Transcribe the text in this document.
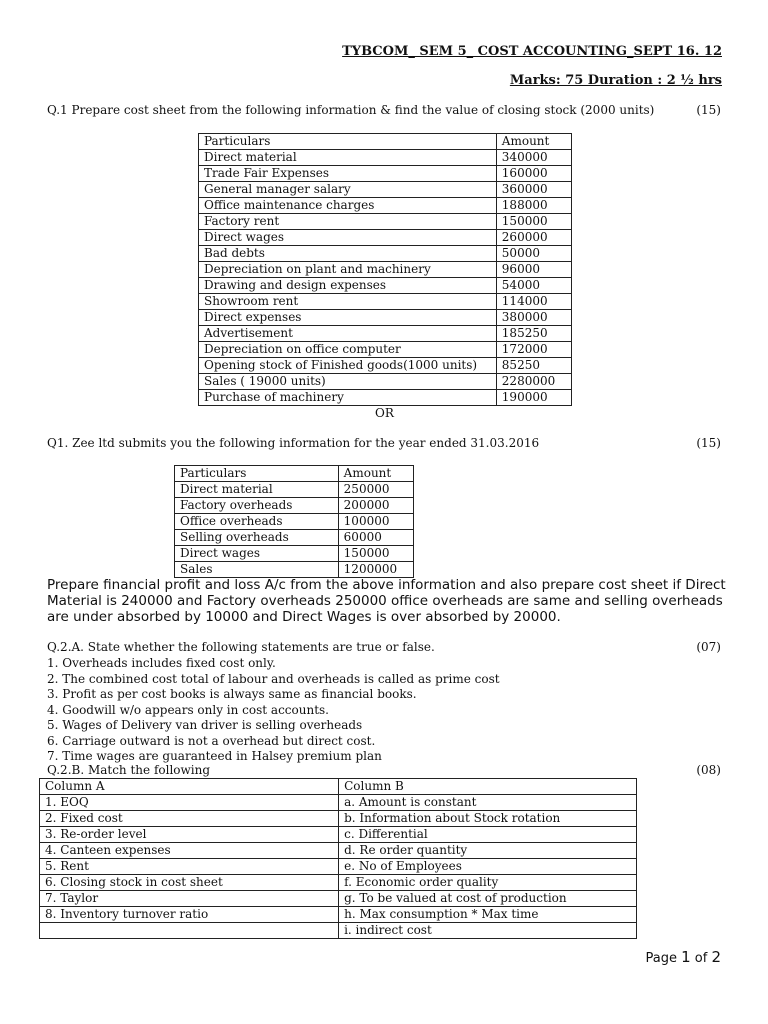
TYBCOM_ SEM 5_ COST ACCOUNTING_SEPT 16. 12
Marks: 75 Duration : 2 ½ hrs
Q.1 Prepare cost sheet from the following information & find the value of closing stock (2000 units)	(15)
Particulars	Amount
Direct material	340000
Trade Fair Expenses	160000
General manager salary	360000
Office maintenance charges	188000
Factory rent	150000
Direct wages	260000
Bad debts	50000
Depreciation on plant and machinery	96000
Drawing and design expenses	54000
Showroom rent	114000
Direct expenses	380000
Advertisement	185250
Depreciation on office computer	172000
Opening stock of Finished goods(1000 units)	85250
Sales ( 19000 units)	2280000
Purchase of machinery	190000
OR
Q1. Zee ltd submits you the following information for the year ended 31.03.2016	(15)
Particulars	Amount
Direct material	250000
Factory overheads	200000
Office overheads	100000
Selling overheads	60000
Direct wages	150000
Sales	1200000
Prepare financial profit and loss A/c from the above information and also prepare cost sheet if Direct Material is 240000 and Factory overheads 250000 office overheads are same and selling overheads are under absorbed by 10000 and Direct Wages is over absorbed by 20000.
Q.2.A. State whether the following statements are true or false.	(07)
1. Overheads includes fixed cost only.
2. The combined cost total of labour and overheads is called as prime cost
3. Profit as per cost books is always same as financial books.
4. Goodwill w/o appears only in cost accounts.
5. Wages of Delivery van driver is selling overheads
6. Carriage outward is not a overhead but direct cost.
7. Time wages are guaranteed in Halsey premium plan
Q.2.B. Match the following	(08)
Column A	Column B
1. EOQ	a. Amount is constant
2. Fixed cost	b. Information about Stock rotation
3. Re-order level	c. Differential
4. Canteen expenses	d. Re order quantity
5. Rent	e. No of Employees
6. Closing stock in cost sheet	f. Economic order quality
7. Taylor	g. To be valued at cost of production
8. Inventory turnover ratio	h. Max consumption * Max time
	i. indirect cost
Page 1 of 2
